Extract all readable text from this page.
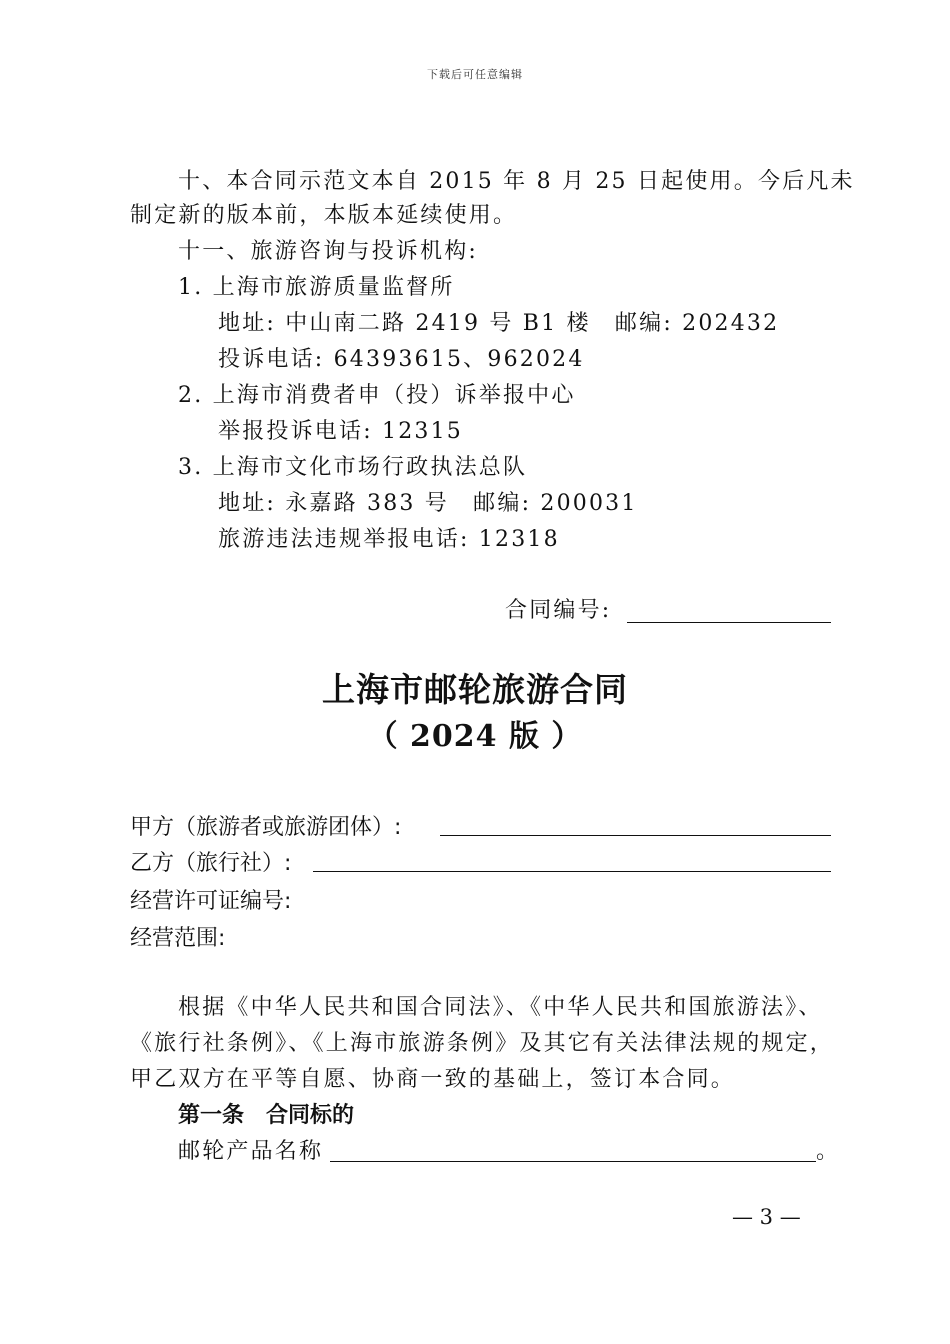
下载后可任意编辑
十、本合同示范文本自 2015 年 8 月 25 日起使用。今后凡未
制定新的版本前，本版本延续使用。
十一、旅游咨询与投诉机构:
1. 上海市旅游质量监督所
地址: 中山南二路 2419 号 B1 楼　邮编: 202432
投诉电话: 64393615、962024
2. 上海市消费者申（投）诉举报中心
举报投诉电话: 12315
3. 上海市文化市场行政执法总队
地址: 永嘉路 383 号　邮编: 200031
旅游违法违规举报电话: 12318
合同编号:
上海市邮轮旅游合同
（ 2024 版 ）
甲方（旅游者或旅游团体）:
乙方（旅行社）:
经营许可证编号:
经营范围:
根据《中华人民共和国合同法》、《中华人民共和国旅游法》、
《旅行社条例》、《上海市旅游条例》及其它有关法律法规的规定，
甲乙双方在平等自愿、协商一致的基础上，签订本合同。
第一条　合同标的
邮轮产品名称	。
— 3 —
